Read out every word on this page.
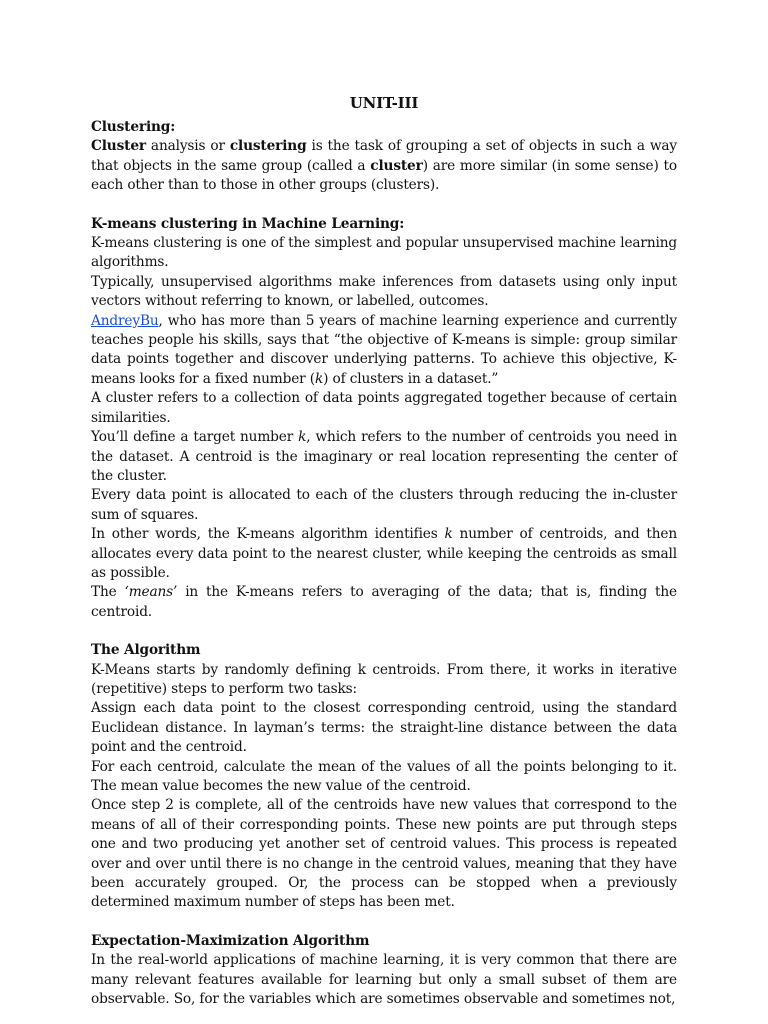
UNIT-III
Clustering:

Cluster analysis or clustering is the task of grouping a set of objects in such a way that objects in the same group (called a cluster) are more similar (in some sense) to each other than to those in other groups (clusters).

K-means clustering in Machine Learning:

K-means clustering is one of the simplest and popular unsupervised machine learning algorithms.

Typically, unsupervised algorithms make inferences from datasets using only input vectors without referring to known, or labelled, outcomes.

AndreyBu, who has more than 5 years of machine learning experience and currently teaches people his skills, says that “the objective of K-means is simple: group similar data points together and discover underlying patterns. To achieve this objective, K-means looks for a fixed number (k) of clusters in a dataset.”

A cluster refers to a collection of data points aggregated together because of certain similarities.

You’ll define a target number k, which refers to the number of centroids you need in the dataset. A centroid is the imaginary or real location representing the center of the cluster.

Every data point is allocated to each of the clusters through reducing the in-cluster sum of squares.

In other words, the K-means algorithm identifies k number of centroids, and then allocates every data point to the nearest cluster, while keeping the centroids as small as possible.

The ‘means’ in the K-means refers to averaging of the data; that is, finding the centroid.

The Algorithm

K-Means starts by randomly defining k centroids. From there, it works in iterative (repetitive) steps to perform two tasks:

Assign each data point to the closest corresponding centroid, using the standard Euclidean distance. In layman’s terms: the straight-line distance between the data point and the centroid.

For each centroid, calculate the mean of the values of all the points belonging to it. The mean value becomes the new value of the centroid.

Once step 2 is complete, all of the centroids have new values that correspond to the means of all of their corresponding points. These new points are put through steps one and two producing yet another set of centroid values. This process is repeated over and over until there is no change in the centroid values, meaning that they have been accurately grouped. Or, the process can be stopped when a previously determined maximum number of steps has been met.

Expectation-Maximization Algorithm

In the real-world applications of machine learning, it is very common that there are many relevant features available for learning but only a small subset of them are observable. So, for the variables which are sometimes observable and sometimes not,
